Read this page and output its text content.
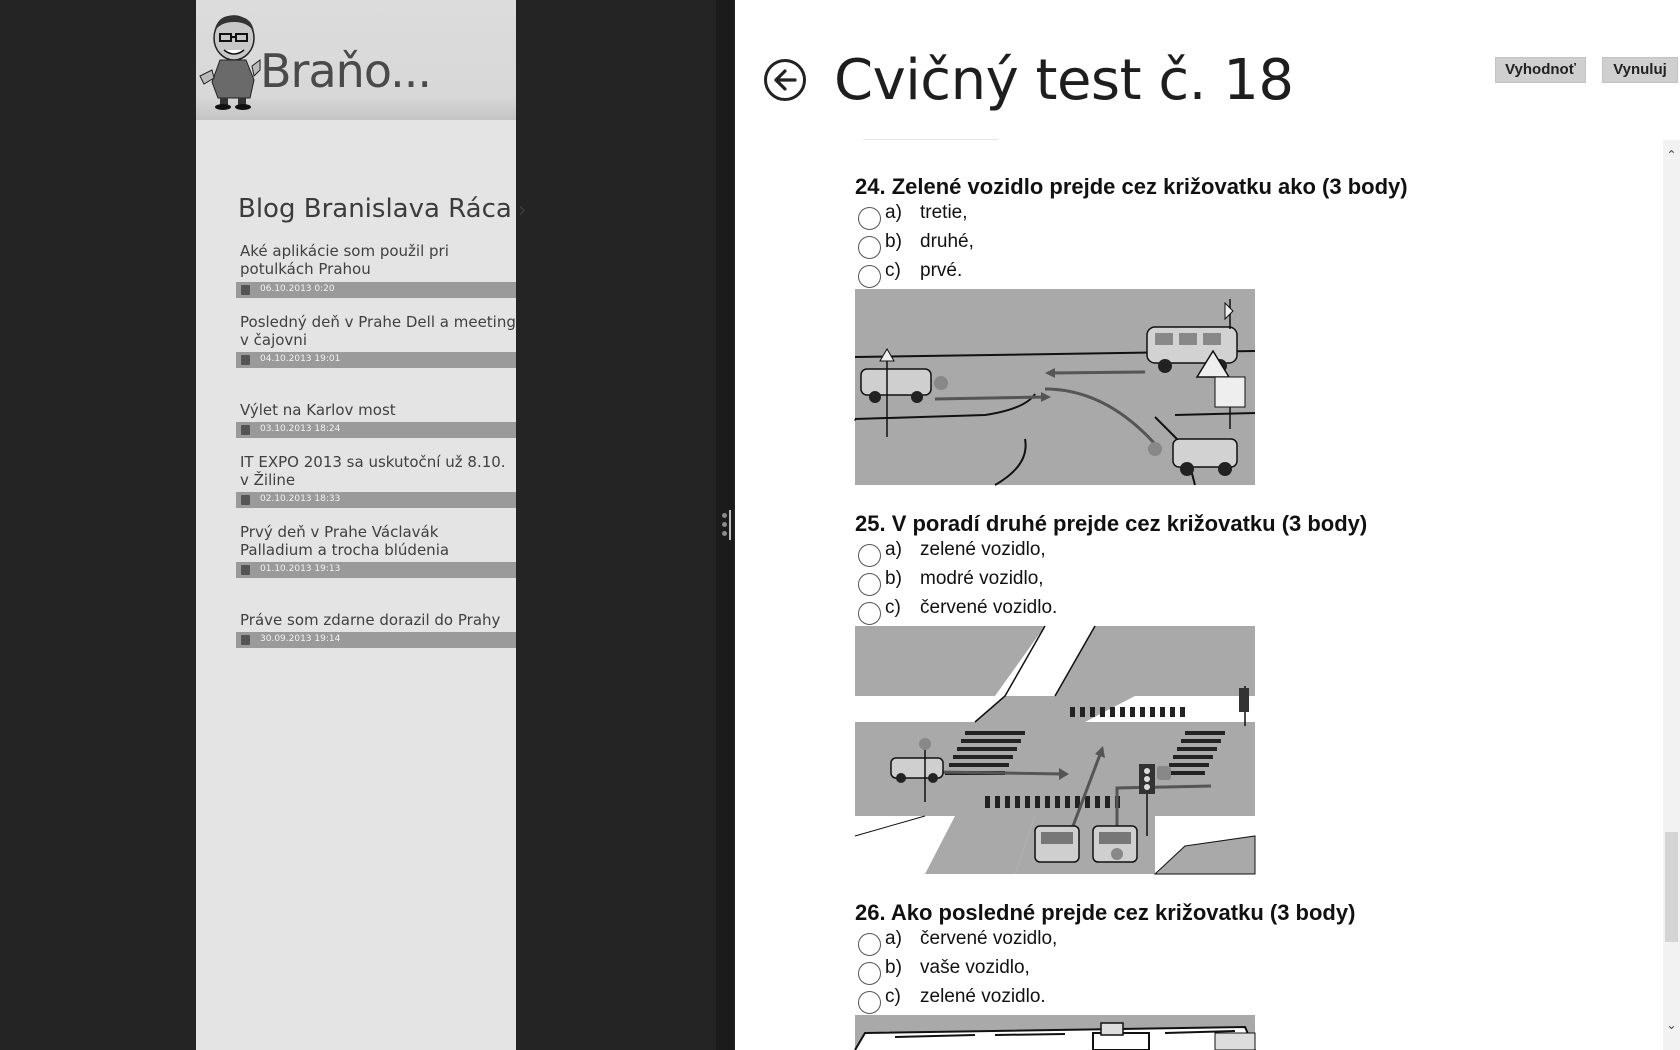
Braňo...
Blog Branislava Ráca ›
Aké aplikácie som použil pri potulkách Prahou
06.10.2013 0:20
Posledný deň v Prahe Dell a meeting v čajovni
04.10.2013 19:01
Výlet na Karlov most
03.10.2013 18:24
IT EXPO 2013 sa uskutoční už 8.10. v Žiline
02.10.2013 18:33
Prvý deň v Prahe Václavák Palladium a trocha blúdenia
01.10.2013 19:13
Práve som zdarne dorazil do Prahy
30.09.2013 19:14
Cvičný test č. 18	Vyhodnoť	Vynuluj
24. Zelené vozidlo prejde cez križovatku ako (3 body)
a) tretie,
b) druhé,
c) prvé.
25. V poradí druhé prejde cez križovatku (3 body)
a) zelené vozidlo,
b) modré vozidlo,
c) červené vozidlo.
26. Ako posledné prejde cez križovatku (3 body)
a) červené vozidlo,
b) vaše vozidlo,
c) zelené vozidlo.
⌃
⌄
